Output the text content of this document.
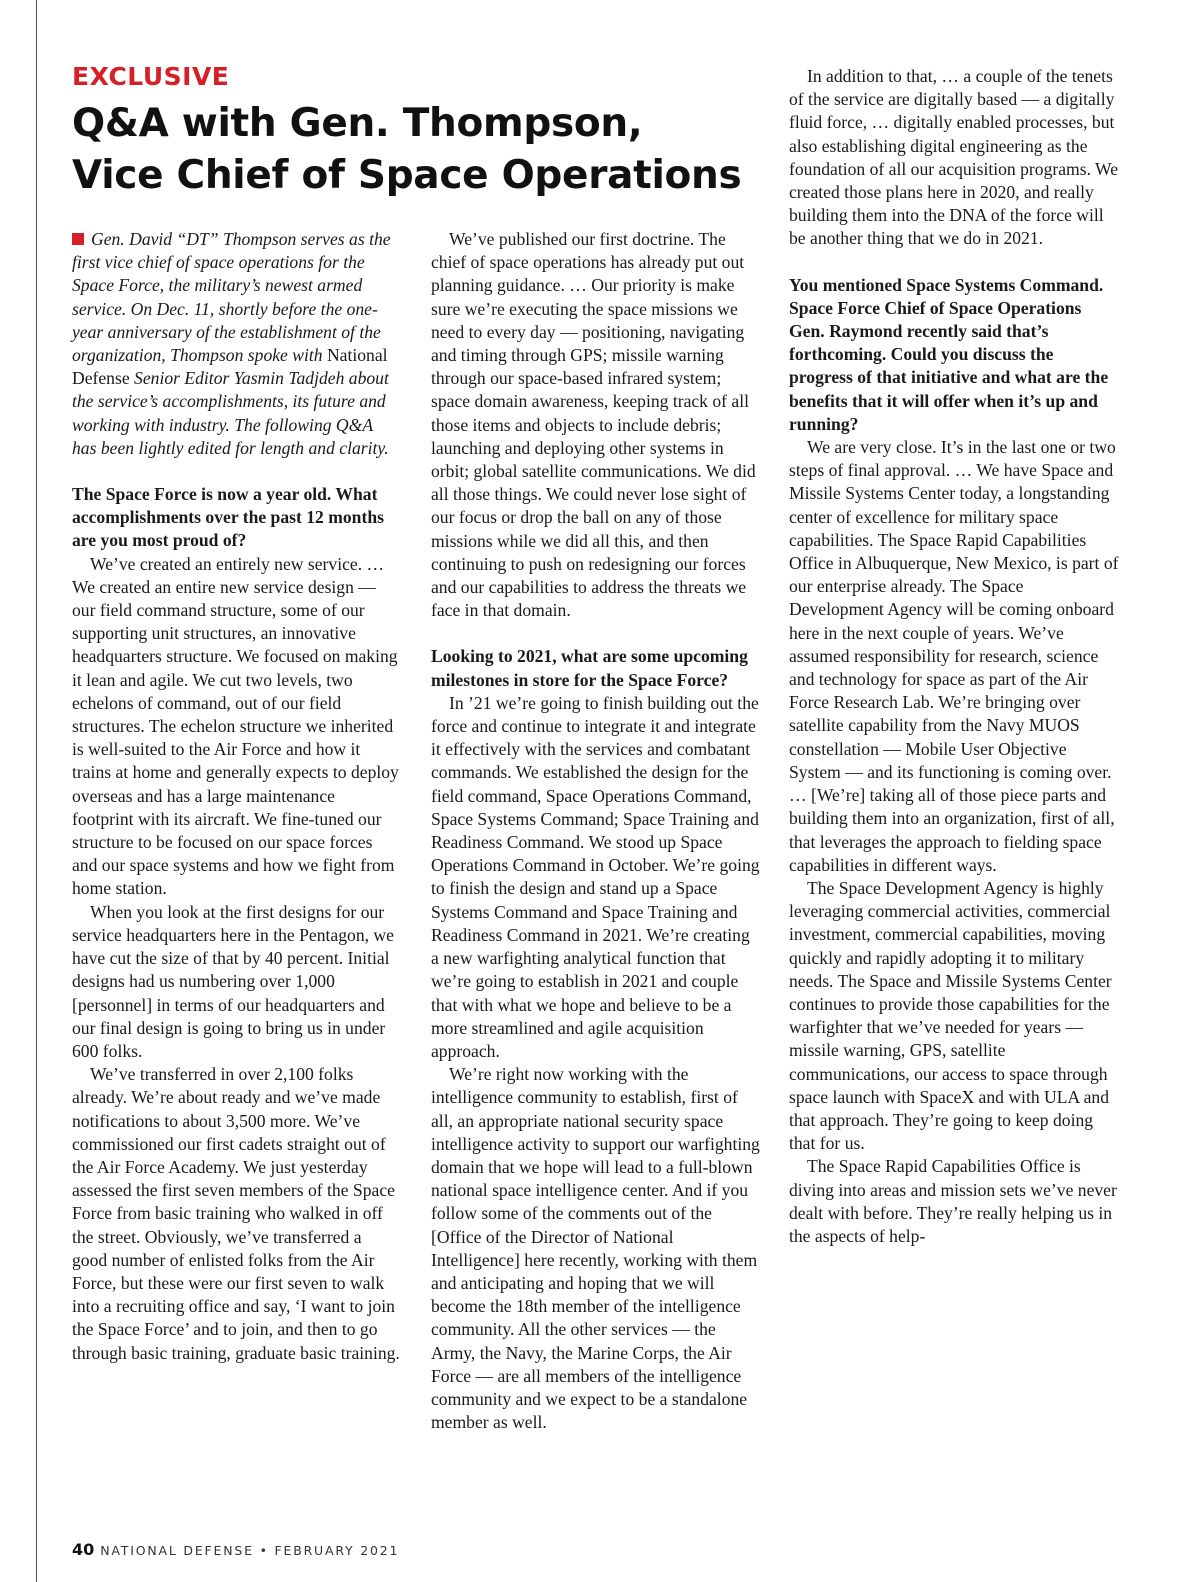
EXCLUSIVE
Q&A with Gen. Thompson,
Vice Chief of Space Operations

Gen. David “DT” Thompson serves as the first vice chief of space operations for the Space Force, the military’s newest armed service. On Dec. 11, shortly before the one-year anniversary of the establishment of the organization, Thompson spoke with National Defense Senior Editor Yasmin Tadjdeh about the service’s accomplishments, its future and working with industry. The following Q&A has been lightly edited for length and clarity.

The Space Force is now a year old. What accomplishments over the past 12 months are you most proud of?

We’ve created an entirely new service. … We created an entire new service design — our field command structure, some of our supporting unit structures, an innovative headquarters structure. We focused on making it lean and agile. We cut two levels, two echelons of command, out of our field structures. The echelon structure we inherited is well-suited to the Air Force and how it trains at home and generally expects to deploy overseas and has a large maintenance footprint with its aircraft. We fine-tuned our structure to be focused on our space forces and our space systems and how we fight from home station.

When you look at the first designs for our service headquarters here in the Pentagon, we have cut the size of that by 40 percent. Initial designs had us numbering over 1,000 [personnel] in terms of our headquarters and our final design is going to bring us in under 600 folks.

We’ve transferred in over 2,100 folks already. We’re about ready and we’ve made notifications to about 3,500 more. We’ve commissioned our first cadets straight out of the Air Force Academy. We just yesterday assessed the first seven members of the Space Force from basic training who walked in off the street. Obviously, we’ve transferred a good number of enlisted folks from the Air Force, but these were our first seven to walk into a recruiting office and say, ‘I want to join the Space Force’ and to join, and then to go through basic training, graduate basic training.

We’ve published our first doctrine. The chief of space operations has already put out planning guidance. … Our priority is make sure we’re executing the space missions we need to every day — positioning, navigating and timing through GPS; missile warning through our space-based infrared system; space domain awareness, keeping track of all those items and objects to include debris; launching and deploying other systems in orbit; global satellite communications. We did all those things. We could never lose sight of our focus or drop the ball on any of those missions while we did all this, and then continuing to push on redesigning our forces and our capabilities to address the threats we face in that domain.

Looking to 2021, what are some upcoming milestones in store for the Space Force?

In ’21 we’re going to finish building out the force and continue to integrate it and integrate it effectively with the services and combatant commands. We established the design for the field command, Space Operations Command, Space Systems Command; Space Training and Readiness Command. We stood up Space Operations Command in October. We’re going to finish the design and stand up a Space Systems Command and Space Training and Readiness Command in 2021. We’re creating a new warfighting analytical function that we’re going to establish in 2021 and couple that with what we hope and believe to be a more streamlined and agile acquisition approach.

We’re right now working with the intelligence community to establish, first of all, an appropriate national security space intelligence activity to support our warfighting domain that we hope will lead to a full-blown national space intelligence center. And if you follow some of the comments out of the [Office of the Director of National Intelligence] here recently, working with them and anticipating and hoping that we will become the 18th member of the intelligence community. All the other services — the Army, the Navy, the Marine Corps, the Air Force — are all members of the intelligence community and we expect to be a standalone member as well.

In addition to that, … a couple of the tenets of the service are digitally based — a digitally fluid force, … digitally enabled processes, but also establishing digital engineering as the foundation of all our acquisition programs. We created those plans here in 2020, and really building them into the DNA of the force will be another thing that we do in 2021.

You mentioned Space Systems Command. Space Force Chief of Space Operations Gen. Raymond recently said that’s forthcoming. Could you discuss the progress of that initiative and what are the benefits that it will offer when it’s up and running?

We are very close. It’s in the last one or two steps of final approval. … We have Space and Missile Systems Center today, a longstanding center of excellence for military space capabilities. The Space Rapid Capabilities Office in Albuquerque, New Mexico, is part of our enterprise already. The Space Development Agency will be coming onboard here in the next couple of years. We’ve assumed responsibility for research, science and technology for space as part of the Air Force Research Lab. We’re bringing over satellite capability from the Navy MUOS constellation — Mobile User Objective System — and its functioning is coming over. … [We’re] taking all of those piece parts and building them into an organization, first of all, that leverages the approach to fielding space capabilities in different ways.

The Space Development Agency is highly leveraging commercial activities, commercial investment, commercial capabilities, moving quickly and rapidly adopting it to military needs. The Space and Missile Systems Center continues to provide those capabilities for the warfighter that we’ve needed for years — missile warning, GPS, satellite communications, our access to space through space launch with SpaceX and with ULA and that approach. They’re going to keep doing that for us.

The Space Rapid Capabilities Office is diving into areas and mission sets we’ve never dealt with before. They’re really helping us in the aspects of help-

40 NATIONAL DEFENSE • FEBRUARY 2021
